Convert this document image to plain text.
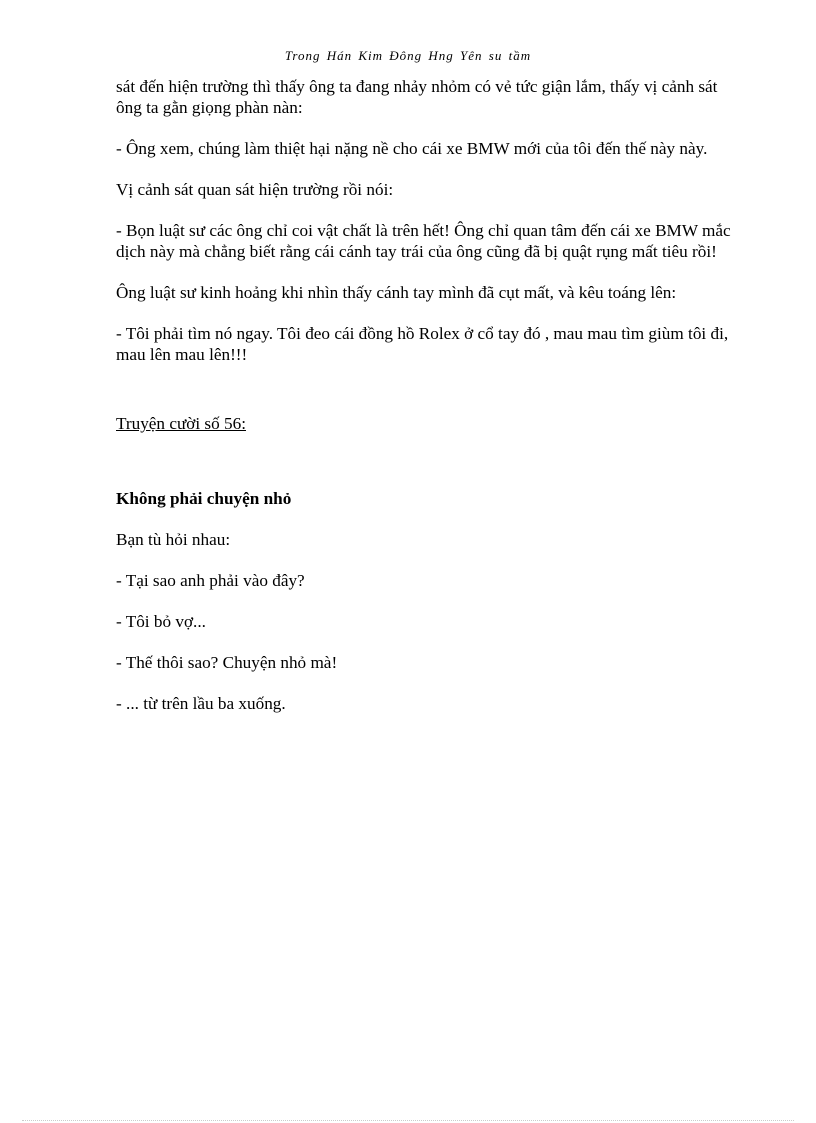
Trong Hán Kim Đông Hng Yên su tầm

sát đến hiện trường thì thấy ông ta đang nhảy nhỏm có vẻ tức giận lắm, thấy vị cảnh sát ông ta gằn giọng phàn nàn:

- Ông xem, chúng làm thiệt hại nặng nề cho cái xe BMW mới của tôi đến thế này này.

Vị cảnh sát quan sát hiện trường rồi nói:

- Bọn luật sư các ông chỉ coi vật chất là trên hết! Ông chỉ quan tâm đến cái xe BMW mắc dịch này mà chẳng biết rằng cái cánh tay trái của ông cũng đã bị quật rụng mất tiêu rồi!

Ông luật sư kinh hoảng khi nhìn thấy cánh tay mình đã cụt mất, và kêu toáng lên:

- Tôi phải tìm nó ngay. Tôi đeo cái đồng hồ Rolex ở cổ tay đó , mau mau tìm giùm tôi đi, mau lên mau lên!!!

Truyện cười số 56:

Không phải chuyện nhỏ

Bạn tù hỏi nhau:

- Tại sao anh phải vào đây?

- Tôi bỏ vợ...

- Thế thôi sao? Chuyện nhỏ mà!

- ... từ trên lầu ba xuống.
